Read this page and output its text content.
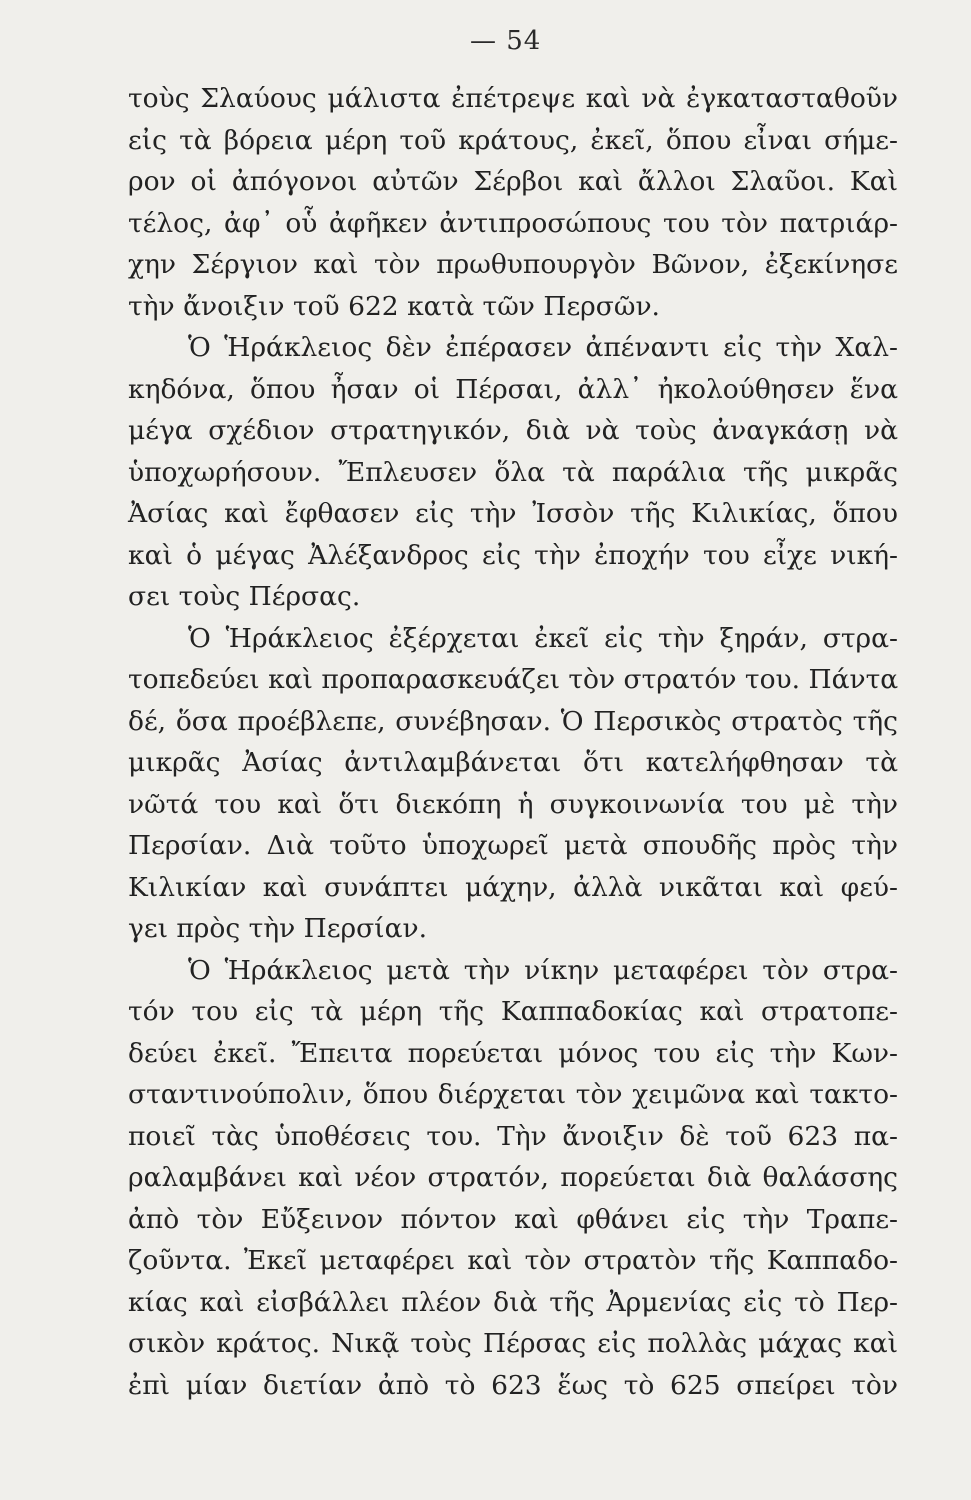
— 54
τοὺς Σλαύους μάλιστα ἐπέτρεψε καὶ νὰ ἐγκατασταθοῦν
εἰς τὰ βόρεια μέρη τοῦ κράτους, ἐκεῖ, ὅπου εἶναι σήμε-
ρον οἱ ἀπόγονοι αὐτῶν Σέρβοι καὶ ἄλλοι Σλαῦοι. Καὶ
τέλος, ἀφ᾿ οὗ ἀφῆκεν ἀντιπροσώπους του τὸν πατριάρ-
χην Σέργιον καὶ τὸν πρωθυπουργὸν Βῶνον, ἐξεκίνησε
τὴν ἄνοιξιν τοῦ 622 κατὰ τῶν Περσῶν.
Ὁ Ἡράκλειος δὲν ἐπέρασεν ἀπέναντι εἰς τὴν Χαλ-
κηδόνα, ὅπου ἦσαν οἱ Πέρσαι, ἀλλ᾿ ἠκολούθησεν ἕνα
μέγα σχέδιον στρατηγικόν, διὰ νὰ τοὺς ἀναγκάσῃ νὰ
ὑποχωρήσουν. Ἔπλευσεν ὅλα τὰ παράλια τῆς μικρᾶς
Ἀσίας καὶ ἔφθασεν εἰς τὴν Ἰσσὸν τῆς Κιλικίας, ὅπου
καὶ ὁ μέγας Ἀλέξανδρος εἰς τὴν ἐποχήν του εἶχε νική-
σει τοὺς Πέρσας.
Ὁ Ἡράκλειος ἐξέρχεται ἐκεῖ εἰς τὴν ξηράν, στρα-
τοπεδεύει καὶ προπαρασκευάζει τὸν στρατόν του. Πάντα
δέ, ὅσα προέβλεπε, συνέβησαν. Ὁ Περσικὸς στρατὸς τῆς
μικρᾶς Ἀσίας ἀντιλαμβάνεται ὅτι κατελήφθησαν τὰ
νῶτά του καὶ ὅτι διεκόπη ἡ συγκοινωνία του μὲ τὴν
Περσίαν. Διὰ τοῦτο ὑποχωρεῖ μετὰ σπουδῆς πρὸς τὴν
Κιλικίαν καὶ συνάπτει μάχην, ἀλλὰ νικᾶται καὶ φεύ-
γει πρὸς τὴν Περσίαν.
Ὁ Ἡράκλειος μετὰ τὴν νίκην μεταφέρει τὸν στρα-
τόν του εἰς τὰ μέρη τῆς Καππαδοκίας καὶ στρατοπε-
δεύει ἐκεῖ. Ἔπειτα πορεύεται μόνος του εἰς τὴν Κων-
σταντινούπολιν, ὅπου διέρχεται τὸν χειμῶνα καὶ τακτο-
ποιεῖ τὰς ὑποθέσεις του. Τὴν ἄνοιξιν δὲ τοῦ 623 πα-
ραλαμβάνει καὶ νέον στρατόν, πορεύεται διὰ θαλάσσης
ἀπὸ τὸν Εὔξεινον πόντον καὶ φθάνει εἰς τὴν Τραπε-
ζοῦντα. Ἐκεῖ μεταφέρει καὶ τὸν στρατὸν τῆς Καππαδο-
κίας καὶ εἰσβάλλει πλέον διὰ τῆς Ἀρμενίας εἰς τὸ Περ-
σικὸν κράτος. Νικᾷ τοὺς Πέρσας εἰς πολλὰς μάχας καὶ
ἐπὶ μίαν διετίαν ἀπὸ τὸ 623 ἕως τὸ 625 σπείρει τὸν
